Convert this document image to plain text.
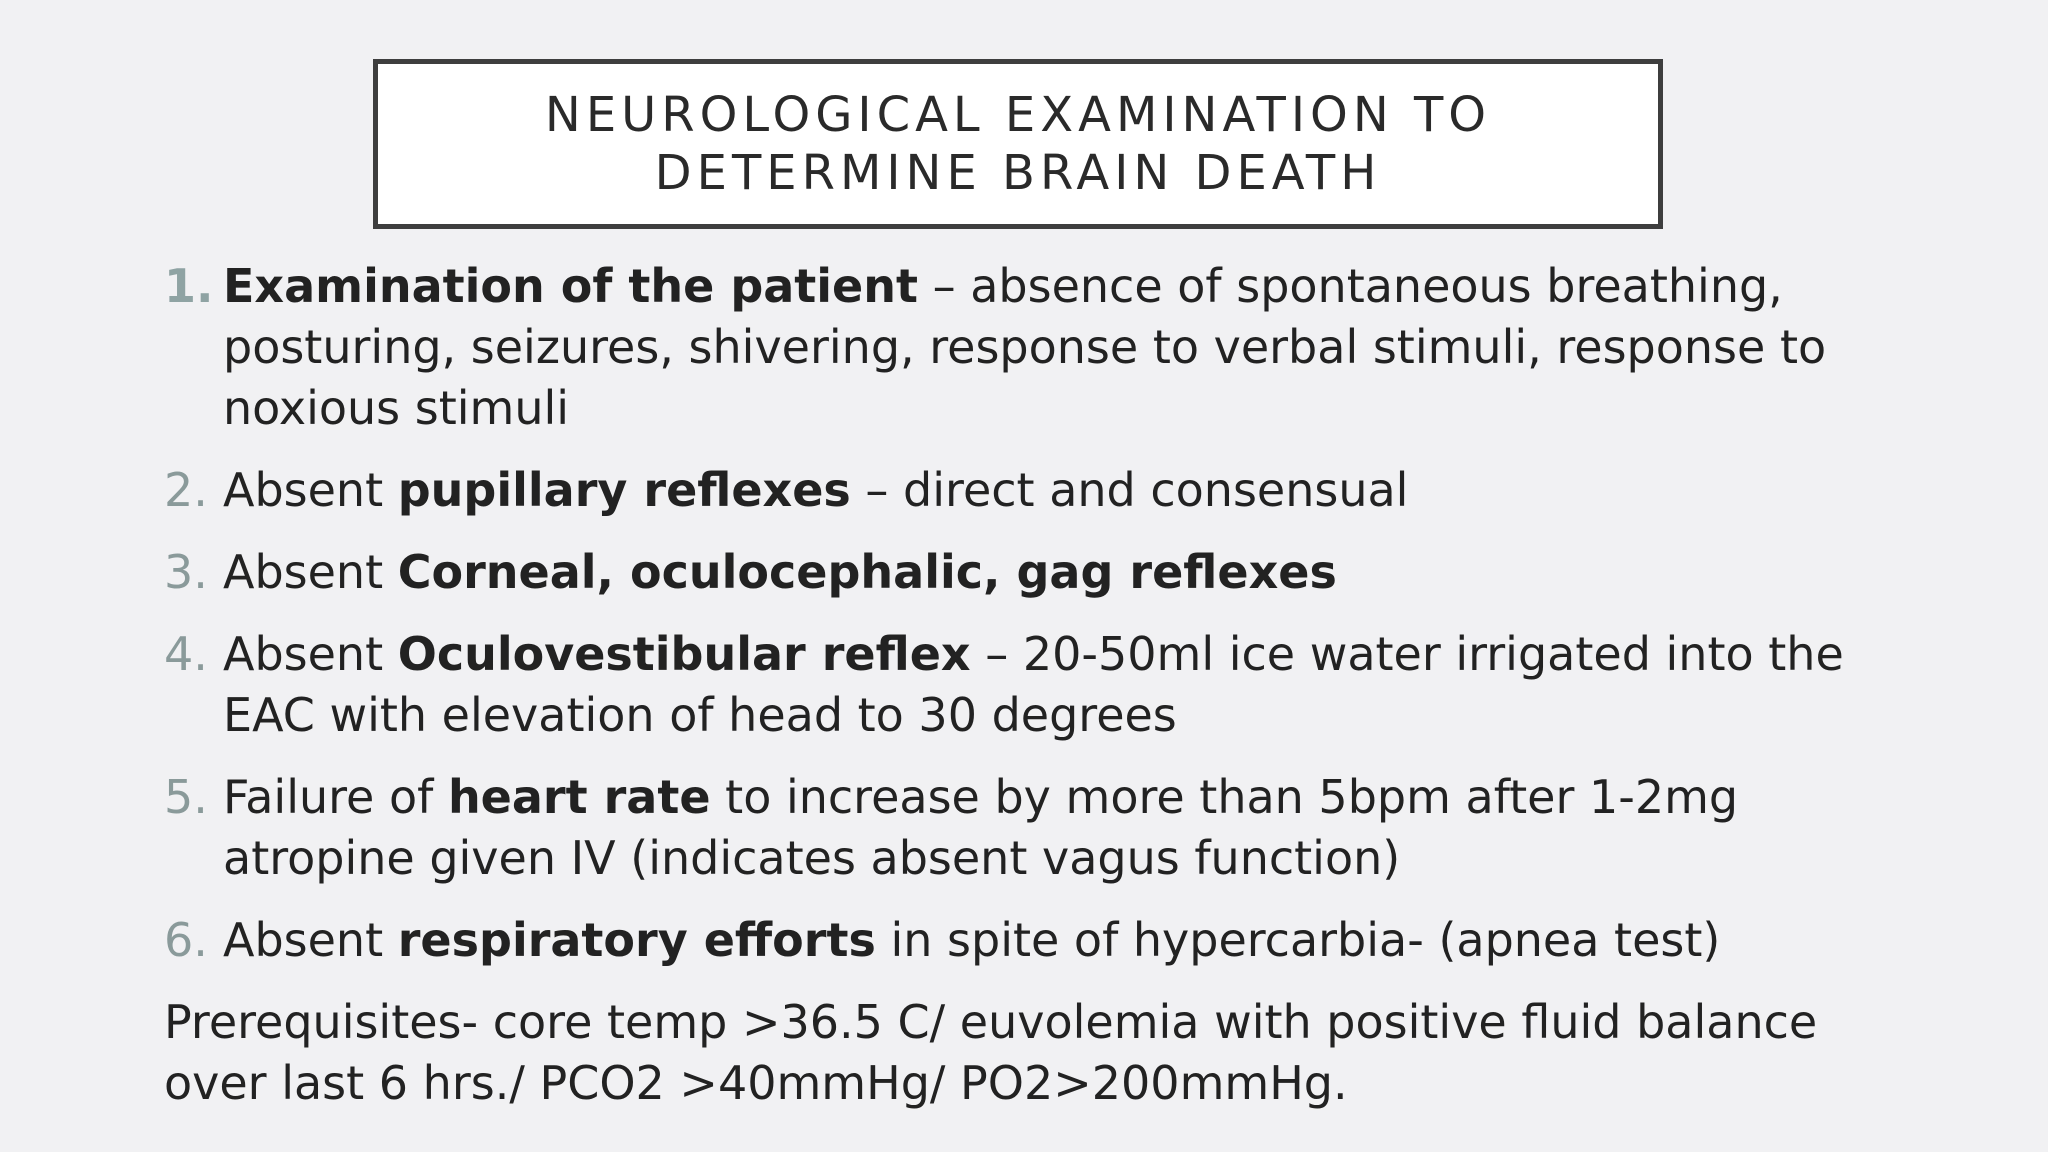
NEUROLOGICAL EXAMINATION TO
DETERMINE BRAIN DEATH
1. Examination of the patient – absence of spontaneous breathing,
posturing, seizures, shivering, response to verbal stimuli, response to
noxious stimuli
2. Absent pupillary reflexes – direct and consensual
3. Absent Corneal, oculocephalic, gag reflexes
4. Absent Oculovestibular reflex – 20-50ml ice water irrigated into the
EAC with elevation of head to 30 degrees
5. Failure of heart rate to increase by more than 5bpm after 1-2mg
atropine given IV (indicates absent vagus function)
6. Absent respiratory efforts in spite of hypercarbia- (apnea test)
Prerequisites- core temp >36.5 C/ euvolemia with positive fluid balance
over last 6 hrs./ PCO2 >40mmHg/ PO2>200mmHg.
